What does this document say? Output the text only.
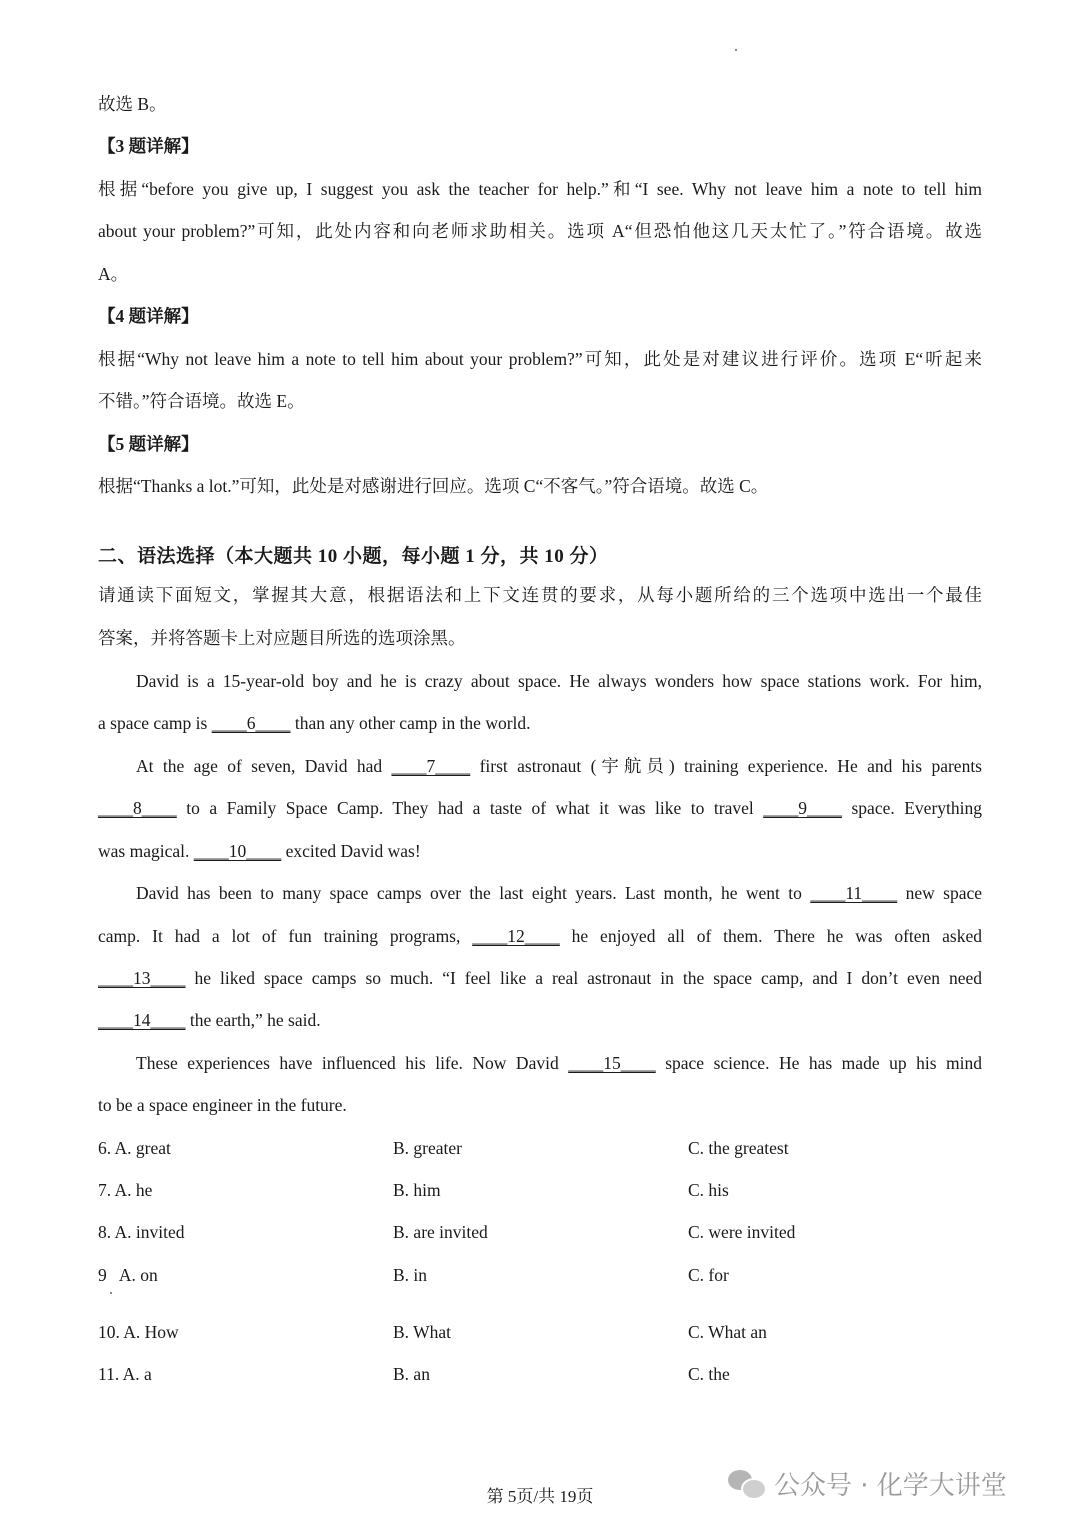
故选 B。
【3 题详解】
根据“before you give up, I suggest you ask the teacher for help.”和“I see. Why not leave him a note to tell him
about your problem?”可知，此处内容和向老师求助相关。选项 A“但恐怕他这几天太忙了。”符合语境。故选
A。
【4 题详解】
根据“Why not leave him a note to tell him about your problem?”可知，此处是对建议进行评价。选项 E“听起来
不错。”符合语境。故选 E。
【5 题详解】
根据“Thanks a lot.”可知，此处是对感谢进行回应。选项 C“不客气。”符合语境。故选 C。
二、语法选择（本大题共 10 小题，每小题 1 分，共 10 分）
请通读下面短文，掌握其大意，根据语法和上下文连贯的要求，从每小题所给的三个选项中选出一个最佳
答案，并将答题卡上对应题目所选的选项涂黑。
David is a 15-year-old boy and he is crazy about space. He always wonders how space stations work. For him,
a space camp is ____6____ than any other camp in the world.
At the age of seven, David had ____7____ first astronaut (宇航员) training experience. He and his parents
____8____ to a Family Space Camp. They had a taste of what it was like to travel ____9____ space. Everything
was magical. ____10____ excited David was!
David has been to many space camps over the last eight years. Last month, he went to ____11____ new space
camp. It had a lot of fun training programs, ____12____ he enjoyed all of them. There he was often asked
____13____ he liked space camps so much. “I feel like a real astronaut in the space camp, and I don’t even need
____14____ the earth,” he said.
These experiences have influenced his life. Now David ____15____ space science. He has made up his mind
to be a space engineer in the future.
6. A. great	B. greater	C. the greatest
7. A. he	B. him	C. his
8. A. invited	B. are invited	C. were invited
9   A. on	B. in	C. for
10. A. How	B. What	C. What an
11. A. a	B. an	C. the
第 5页/共 19页	公众号 · 化学大讲堂
